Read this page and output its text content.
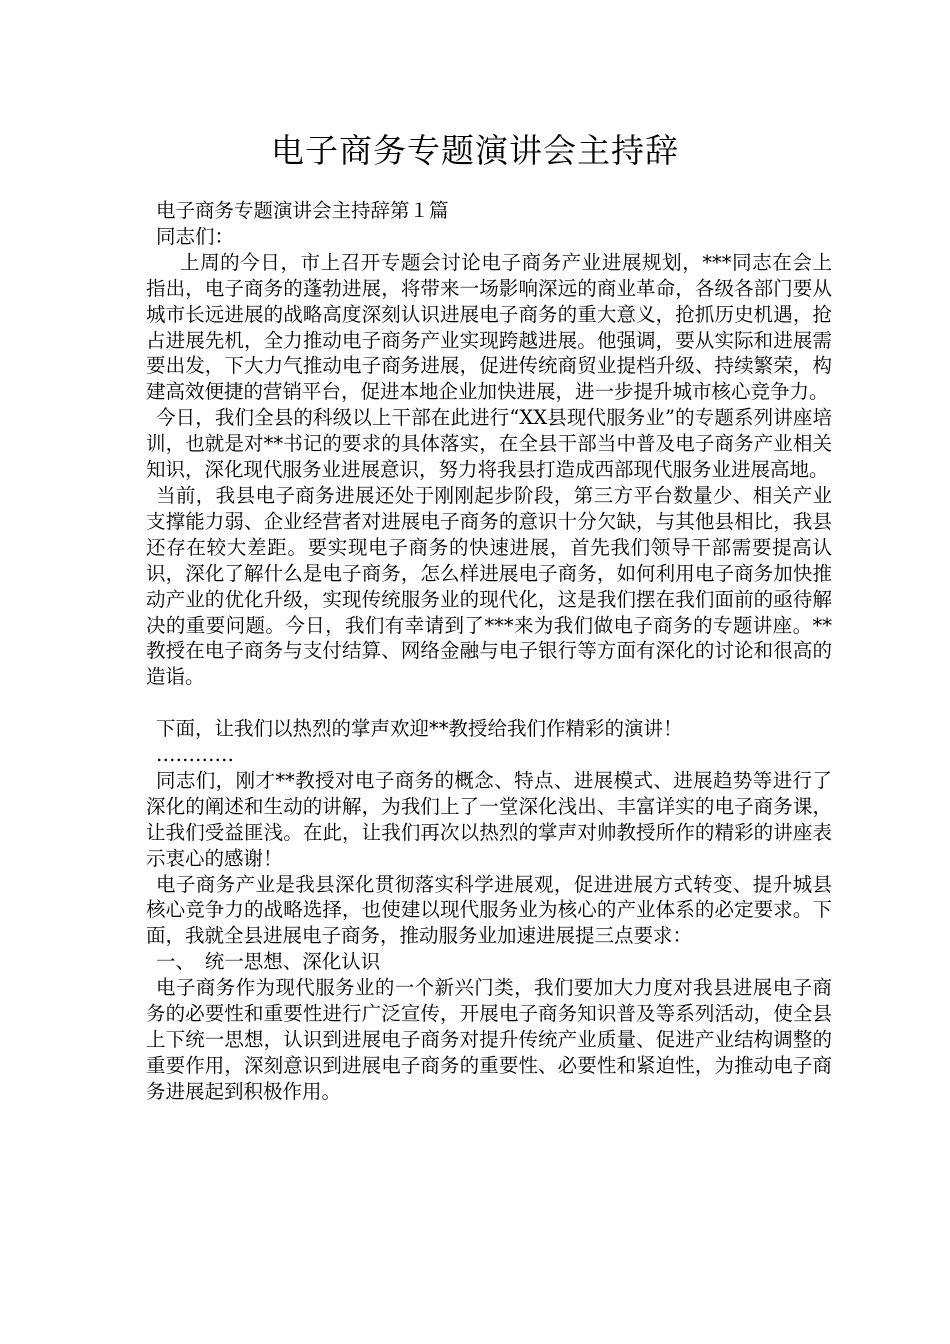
电子商务专题演讲会主持辞

电子商务专题演讲会主持辞第１篇

同志们：

上周的今日，市上召开专题会讨论电子商务产业进展规划，***同志在会上指出，电子商务的蓬勃进展，将带来一场影响深远的商业革命，各级各部门要从城市长远进展的战略高度深刻认识进展电子商务的重大意义，抢抓历史机遇，抢占进展先机，全力推动电子商务产业实现跨越进展。他强调，要从实际和进展需要出发，下大力气推动电子商务进展，促进传统商贸业提档升级、持续繁荣，构建高效便捷的营销平台，促进本地企业加快进展，进一步提升城市核心竞争力。

今日，我们全县的科级以上干部在此进行“XX县现代服务业”的专题系列讲座培训，也就是对**书记的要求的具体落实，在全县干部当中普及电子商务产业相关知识，深化现代服务业进展意识，努力将我县打造成西部现代服务业进展高地。

当前，我县电子商务进展还处于刚刚起步阶段，第三方平台数量少、相关产业支撑能力弱、企业经营者对进展电子商务的意识十分欠缺，与其他县相比，我县还存在较大差距。要实现电子商务的快速进展，首先我们领导干部需要提高认识，深化了解什么是电子商务，怎么样进展电子商务，如何利用电子商务加快推动产业的优化升级，实现传统服务业的现代化，这是我们摆在我们面前的亟待解决的重要问题。今日，我们有幸请到了***来为我们做电子商务的专题讲座。**教授在电子商务与支付结算、网络金融与电子银行等方面有深化的讨论和很高的造诣。

下面，让我们以热烈的掌声欢迎**教授给我们作精彩的演讲！

…………

同志们，刚才**教授对电子商务的概念、特点、进展模式、进展趋势等进行了深化的阐述和生动的讲解，为我们上了一堂深化浅出、丰富详实的电子商务课，让我们受益匪浅。在此，让我们再次以热烈的掌声对帅教授所作的精彩的讲座表示衷心的感谢！

电子商务产业是我县深化贯彻落实科学进展观，促进进展方式转变、提升城县核心竞争力的战略选择，也使建以现代服务业为核心的产业体系的必定要求。下面，我就全县进展电子商务，推动服务业加速进展提三点要求：

一、　统一思想、深化认识

电子商务作为现代服务业的一个新兴门类，我们要加大力度对我县进展电子商务的必要性和重要性进行广泛宣传，开展电子商务知识普及等系列活动，使全县上下统一思想，认识到进展电子商务对提升传统产业质量、促进产业结构调整的重要作用，深刻意识到进展电子商务的重要性、必要性和紧迫性，为推动电子商务进展起到积极作用。
